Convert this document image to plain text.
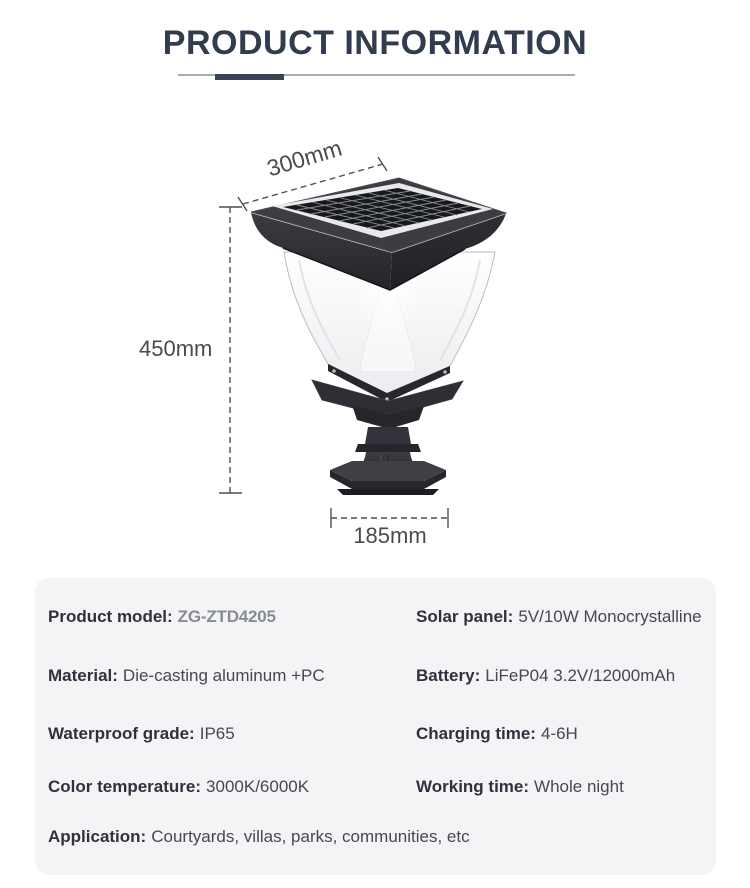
PRODUCT INFORMATION
300mm
450mm
185mm

Product model: ZG-ZTD4205	Solar panel: 5V/10W Monocrystalline

Material: Die-casting aluminum +PC	Battery: LiFeP04 3.2V/12000mAh

Waterproof grade: IP65	Charging time: 4-6H

Color temperature: 3000K/6000K	Working time: Whole night

Application: Courtyards, villas, parks, communities, etc
